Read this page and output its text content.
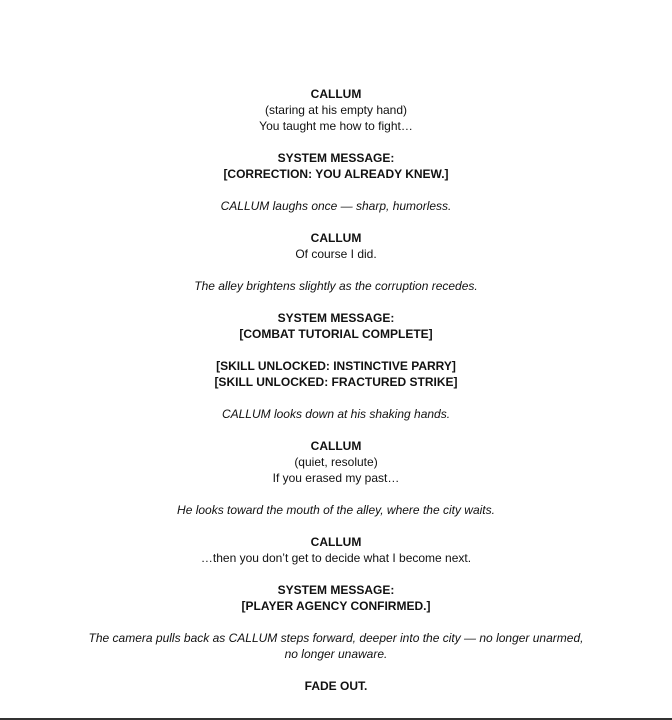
CALLUM
(staring at his empty hand)
You taught me how to fight…
SYSTEM MESSAGE:
[CORRECTION: YOU ALREADY KNEW.]
CALLUM laughs once — sharp, humorless.
CALLUM
Of course I did.
The alley brightens slightly as the corruption recedes.
SYSTEM MESSAGE:
[COMBAT TUTORIAL COMPLETE]
[SKILL UNLOCKED: INSTINCTIVE PARRY]
[SKILL UNLOCKED: FRACTURED STRIKE]
CALLUM looks down at his shaking hands.
CALLUM
(quiet, resolute)
If you erased my past…
He looks toward the mouth of the alley, where the city waits.
CALLUM
…then you don’t get to decide what I become next.
SYSTEM MESSAGE:
[PLAYER AGENCY CONFIRMED.]
The camera pulls back as CALLUM steps forward, deeper into the city — no longer unarmed,
no longer unaware.
FADE OUT.
